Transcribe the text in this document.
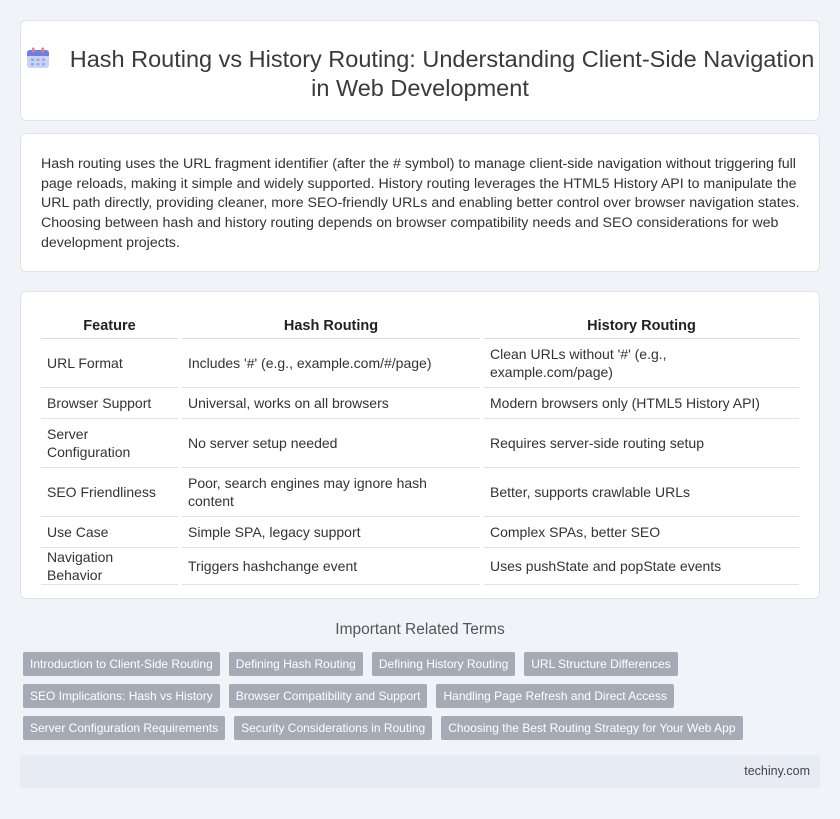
Hash Routing vs History Routing: Understanding Client-Side Navigation in Web Development

Hash routing uses the URL fragment identifier (after the # symbol) to manage client-side navigation without triggering full page reloads, making it simple and widely supported. History routing leverages the HTML5 History API to manipulate the URL path directly, providing cleaner, more SEO-friendly URLs and enabling better control over browser navigation states. Choosing between hash and history routing depends on browser compatibility needs and SEO considerations for web development projects.

Feature	Hash Routing	History Routing
URL Format	Includes '#' (e.g., example.com/#/page)	Clean URLs without '#' (e.g., example.com/page)
Browser Support	Universal, works on all browsers	Modern browsers only (HTML5 History API)
Server Configuration	No server setup needed	Requires server-side routing setup
SEO Friendliness	Poor, search engines may ignore hash content	Better, supports crawlable URLs
Use Case	Simple SPA, legacy support	Complex SPAs, better SEO
Navigation Behavior	Triggers hashchange event	Uses pushState and popState events
Important Related Terms
Introduction to Client-Side Routing	Defining Hash Routing	Defining History Routing	URL Structure Differences
SEO Implications: Hash vs History	Browser Compatibility and Support	Handling Page Refresh and Direct Access
Server Configuration Requirements	Security Considerations in Routing	Choosing the Best Routing Strategy for Your Web App
techiny.com
